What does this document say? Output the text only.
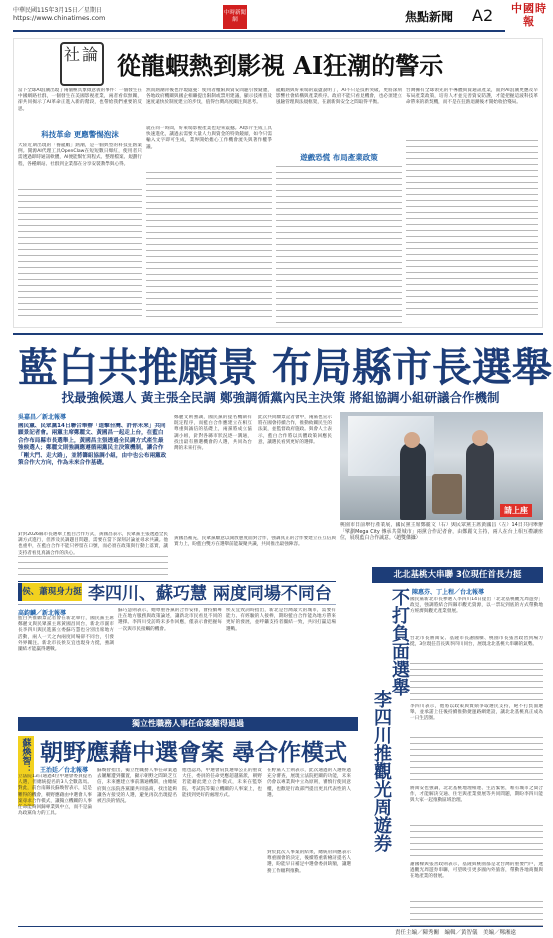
中華民國115年3月15日／星期日
https://www.chinatimes.com
中時新聞網	焦點新聞 A2 中國時報
社論 從龍蝦熱到影視 AI狂潮的警示
當下全球AI浪潮出現了兩個極具象徵意義的事件：一個發生在中國網路社群，一個發生在美國影視產業，兩者看似無關，卻共同揭示了AI革命正進入新的階段，也帶給我們重要的反思。
科技革命 更應警惕泡沫
大陸近期出現的「養龍蝦」熱潮，是一個典型的科技狂熱案例。開源AI代理工具OpenClaw在短短數日爆紅，使用者只需透過即時通訊軟體，AI便能幫忙寫程式、整理檔案、規劃行程，各種網站、社群到企業都在分享安裝教學與心得。
然而熱潮背後也浮現隱憂：使用者權限與資安問題引發疑慮，各地政府機關與國企相繼提出限制或禁用建議，顯示技術普及速度遠快於制度建立的步伐，值得台灣高度關注與思考。
就在同一時間，好萊塢影視產業也迎來震撼。AI影片生成工具快速進化，讓過去需要大量人力與資金的特效鏡頭，如今只需輸入文字即可生成，業界開始擔心工作機會流失與著作權爭議。
龍蝦熱與好萊塢的震盪說明了，AI不只是技術突破，更將深刻影響社會結構與產業秩序。政府不能只看見機會，也必須建立風險管理與法規框架，在創新與安全之間取得平衡。
遊戲恐慌 布局產業政策
台灣擁有全球領先的半導體與資通訊產業，面對AI浪潮更應及早布局產業政策，培育人才並完善資安防護，才能把握這波科技革命帶來的新契機，而不是在狂熱退潮後才開始收拾殘局。
藍白共推願景 布局縣市長選舉
找最強候選人 黃主張全民調 鄭強調循黨內民主決策 將組協調小組研議合作機制
吳嘉昌／新北報導
國民黨、民眾黨14日聯合舉辦「道擊台灣、許你未來」共同願景記者會。兩黨主席鄭麗文、黃國昌一起走上台，在藍白合作布局縣市長選舉上，黃國昌主張透過全民調方式產生最強候選人；鄭麗文則強調應遵循兩黨民主決策機制，讓合作「剛大門、走大路」，並將籌組協調小組，由中也公布兩黨政策合作大方向，作為未來合作基礎。
鄭麗文則強調，國民黨的提名機制有既定程序，而藍白合作應建立在相互尊重與誠信的基礎上，兩黨將成立協調小組，針對各縣市狀況逐一溝通，找出最有勝選機會的人選，共同為台灣的未來打拚。
此次共同願景記者會中，兩黨也宣示將在國會持續合作，推動攸關民生的法案，並監督政府施政。與會人士表示，藍白合作將以具體政策回應民意，讓選民看到更好的選擇。
針對2026縣市長選舉上藍白合作方式，黃國昌表示，民眾黨主張透過全民調方式進行，但涉及民調題目問題，需要在當下深刻討論並尋求共識。他也重申，在藍白合作不能只停留在口號，而必須在政策與行動上落實，讓支持者看見真誠合作的決心。
黃國昌補充，民眾黨願意以開放態度面對合作，強調真正的合作要建立在互信與實力上，盼藍白雙方在選舉前能凝聚共識，共同推出最強陣容。
請上座
桃園市日前舉行產業展，國民黨主席鄭麗文（右）與民眾黨主席黃國昌（左）14日共同舉辦「擘劃Mega City 傳承共榮城市」兩黨合作記者會，由鄭麗文主持，兩人在台上相互禮讓座位，展現藍白合作誠意。（趙雙傑攝）
侯、蕭現身力挺 李四川、蘇巧慧 兩度同場不同台
高鈞麟／新北報導
藍白共推願景記者會在新北舉行，國民黨主席鄭麗文與民眾黨主席黃國昌同台，新北市副市長李四川與民進黨立委蘇巧慧也分別出席地方活動，兩人一天之內兩度同場卻不同台，引發外界關注。新北市長侯友宜也現身力挺，強調團結才能贏得選戰。
蘇巧慧則表示，她尊重各黨的合作安排，會持續專注在地方服務與政策論述，讓新北市民看見不同的選擇。李四川受訪時未多作回應，僅表示會把握每一次與市民接觸的機會。
侯友宜致詞時指出，新北是台灣最大的城市，需要有能力、有經驗的人接棒，期盼藍白合作能為地方帶來更好的發展，並呼籲支持者團結一致，共同打贏這場選戰。
北北基桃大串聯 3位現任首長力挺
陳惠芬、丁上程／台北報導
不打負面選舉
李四川推觀光周遊券
國民黨新北市長參選人李四川14日提出「北北基桃觀光周遊券」政見，強調將結合四縣市觀光資源，以一票玩到底的方式帶動地方經濟與觀光產業發展。
台北市長蔣萬安、基隆市長謝國樑、桃園市長張善政皆到場力挺，3位現任首長與李四川同台，展現北北基桃大串聯的氣勢。
李四川表示，他將以政策與實績爭取選民支持，絕不打負面選舉，並承諾上任後持續推動捷運路網建設，讓北北基桃真正成為一日生活圈。
蔣萬安也強調，北北基桃地理相連、生活緊密，唯有城市之間合作，才能解決交通、住宅與產業發展等共同問題，期盼李四川能與大家一起推動區域治理。
謝國樑與張善政則表示，基隆與桃園都是北台灣的重要門戶，透過觀光周遊券串聯，可望吸引更多國內外旅客，帶動各地商圈與在地產業的發展。
獨立性職務人事任命案難得過過
蘇煥智： 朝野應藉中選會案 尋合作模式
王治廷／台北報導
立法院13日通過4位中選會委員提名人選，但總統提名的3人全數落馬。對此，前台南縣長蘇煥智表示，這是難得的機會，朝野應藉由中選會人事案尋求合作模式，讓獨立機關的人事任命能夠回歸專業與中立，而不是淪為政黨角力的工具。
蘇煥智指出，獨立性職務人事任命案過去屢屢遭到擱置，顯示朝野之間缺乏互信，未來應建立事前溝通機制，由總統府與立法院各黨團共同協商，找出能夠讓各方接受的人選，避免再次出現提名被否決的情況。
他也認為，中選會肩負選舉公正的重責大任，委員的任命更應超越黨派，朝野若能藉此建立合作模式，未來在監察院、考試院等獨立機關的人事案上，也能找到更好的處理方式。
在野黨人士則表示，此次通過的人選經過充分審查，展現立法院把關的功能，未來仍會以專業與中立為原則，審慎行使同意權，也歡迎行政部門提出更具代表性的人選。
對於此次人事案的結果，總統府回應表示尊重國會的決定，後續將重新檢討提名人選，盼能早日補足中選會委員缺額，讓選務工作順利推動。
責任主編／陳秀關　編輯／黃智儀　美編／鄭湘遠
